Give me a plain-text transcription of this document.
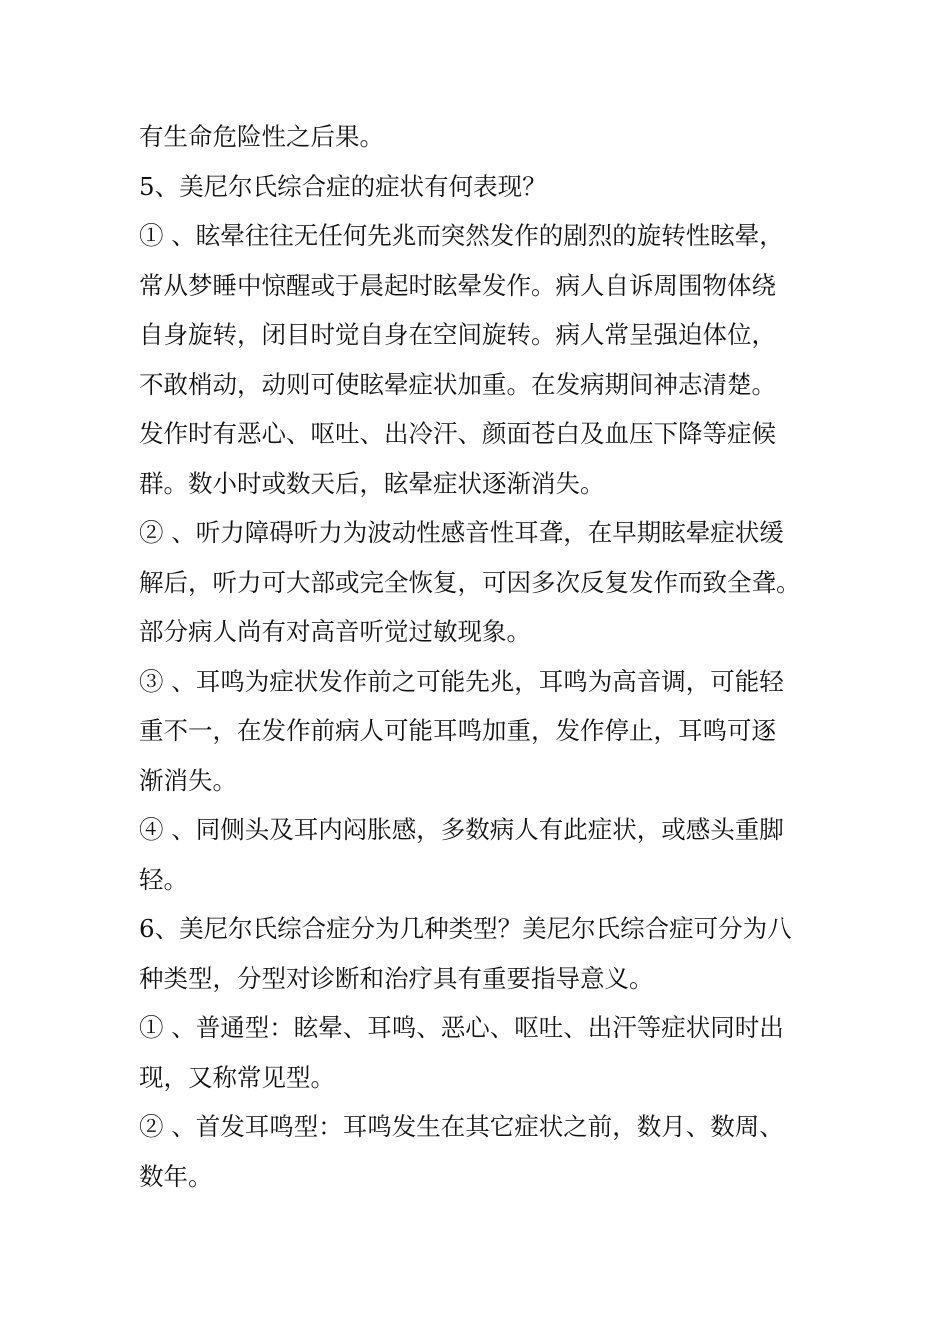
有生命危险性之后果。

5、美尼尔氏综合症的症状有何表现？

① 、眩晕往往无任何先兆而突然发作的剧烈的旋转性眩晕，

常从梦睡中惊醒或于晨起时眩晕发作。病人自诉周围物体绕

自身旋转，闭目时觉自身在空间旋转。病人常呈强迫体位，

不敢梢动，动则可使眩晕症状加重。在发病期间神志清楚。

发作时有恶心、呕吐、出冷汗、颜面苍白及血压下降等症候

群。数小时或数天后，眩晕症状逐渐消失。

② 、听力障碍听力为波动性感音性耳聋，在早期眩晕症状缓

解后，听力可大部或完全恢复，可因多次反复发作而致全聋。

部分病人尚有对高音听觉过敏现象。

③ 、耳鸣为症状发作前之可能先兆，耳鸣为高音调，可能轻

重不一，在发作前病人可能耳鸣加重，发作停止，耳鸣可逐

渐消失。

④ 、同侧头及耳内闷胀感，多数病人有此症状，或感头重脚

轻。

6、美尼尔氏综合症分为几种类型？美尼尔氏综合症可分为八

种类型，分型对诊断和治疗具有重要指导意义。

① 、普通型：眩晕、耳鸣、恶心、呕吐、出汗等症状同时出

现，又称常见型。

② 、首发耳鸣型：耳鸣发生在其它症状之前，数月、数周、

数年。
